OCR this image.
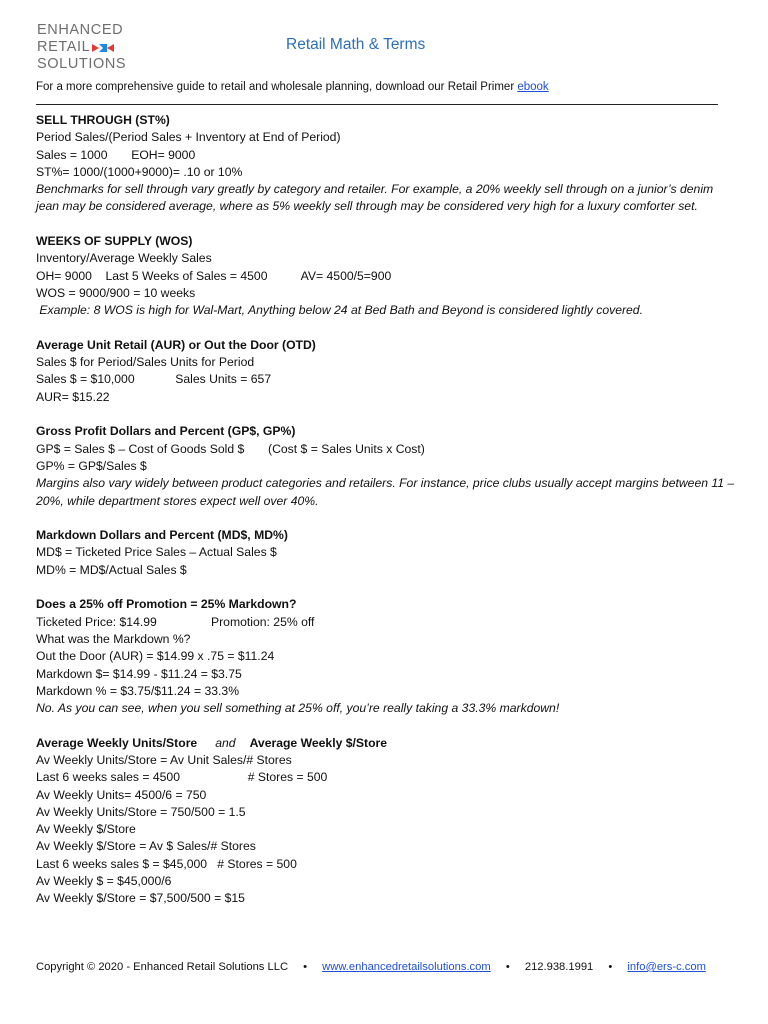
ENHANCED
RETAIL
SOLUTIONS
Retail Math & Terms
For a more comprehensive guide to retail and wholesale planning, download our Retail Primer ebook

SELL THROUGH (ST%)

Period Sales/(Period Sales + Inventory at End of Period)

Sales = 1000       EOH= 9000

ST%= 1000/(1000+9000)= .10 or 10%

Benchmarks for sell through vary greatly by category and retailer. For example, a 20% weekly sell through on a junior’s denim jean may be considered average, where as 5% weekly sell through may be considered very high for a luxury comforter set.

WEEKS OF SUPPLY (WOS)

Inventory/Average Weekly Sales

OH= 9000    Last 5 Weeks of Sales = 4500          AV= 4500/5=900

WOS = 9000/900 = 10 weeks

Example: 8 WOS is high for Wal-Mart, Anything below 24 at Bed Bath and Beyond is considered lightly covered.

Average Unit Retail (AUR) or Out the Door (OTD)

Sales $ for Period/Sales Units for Period

Sales $ = $10,000            Sales Units = 657

AUR= $15.22

Gross Profit Dollars and Percent (GP$, GP%)

GP$ = Sales $ – Cost of Goods Sold $       (Cost $ = Sales Units x Cost)

GP% = GP$/Sales $

Margins also vary widely between product categories and retailers. For instance, price clubs usually accept margins between 11 – 20%, while department stores expect well over 40%.

Markdown Dollars and Percent (MD$, MD%)

MD$ = Ticketed Price Sales – Actual Sales $

MD% = MD$/Actual Sales $

Does a 25% off Promotion = 25% Markdown?

Ticketed Price: $14.99                Promotion: 25% off

What was the Markdown %?

Out the Door (AUR) = $14.99 x .75 = $11.24

Markdown $= $14.99 - $11.24 = $3.75

Markdown % = $3.75/$11.24 = 33.3%

No. As you can see, when you sell something at 25% off, you’re really taking a 33.3% markdown!

Average Weekly Units/Store and Average Weekly $/Store

Av Weekly Units/Store = Av Unit Sales/# Stores

Last 6 weeks sales = 4500                    # Stores = 500

Av Weekly Units= 4500/6 = 750

Av Weekly Units/Store = 750/500 = 1.5

Av Weekly $/Store

Av Weekly $/Store = Av $ Sales/# Stores

Last 6 weeks sales $ = $45,000   # Stores = 500

Av Weekly $ = $45,000/6

Av Weekly $/Store = $7,500/500 = $15

Copyright © 2020 - Enhanced Retail Solutions LLC • www.enhancedretailsolutions.com • 212.938.1991 • info@ers-c.com
